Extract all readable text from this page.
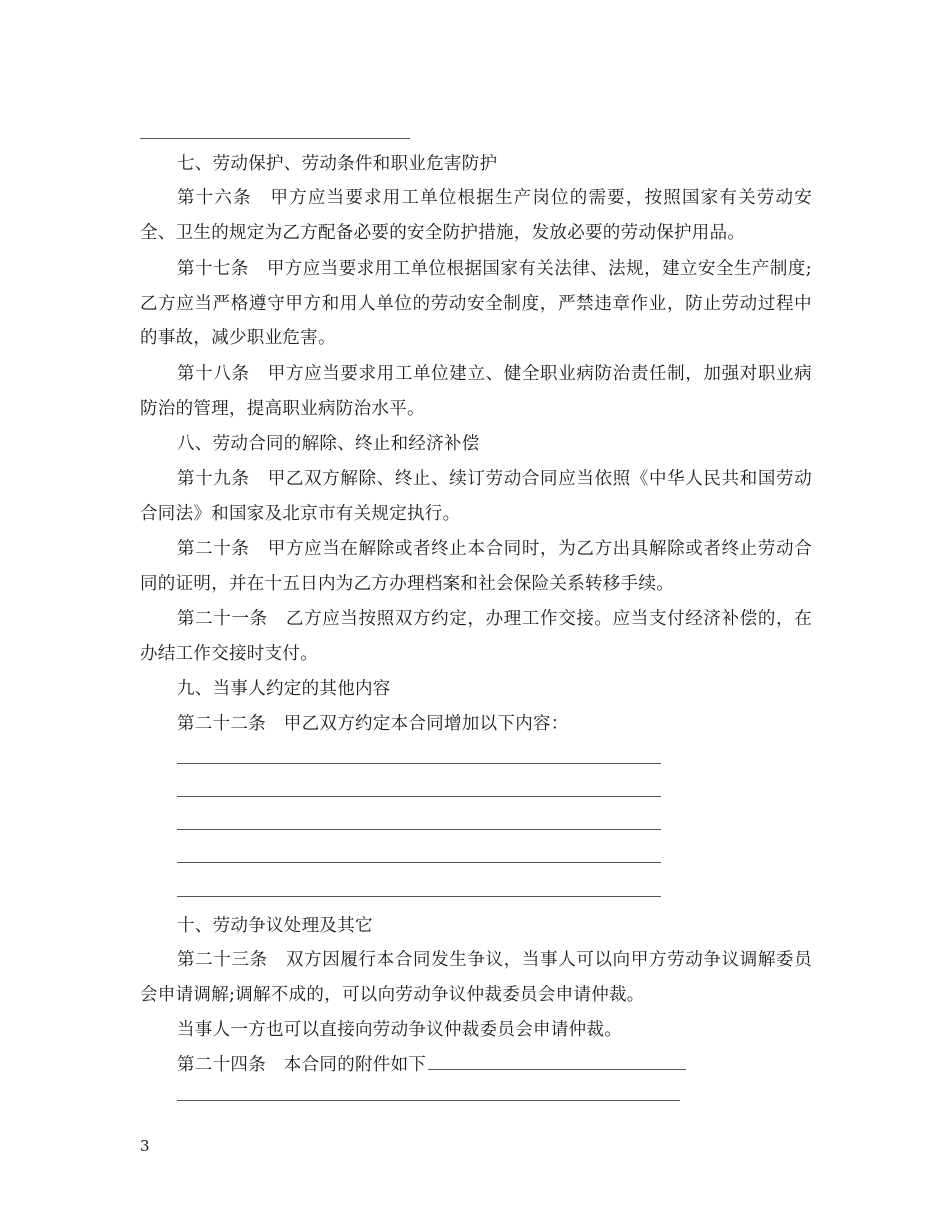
七、劳动保护、劳动条件和职业危害防护

第十六条　甲方应当要求用工单位根据生产岗位的需要，按照国家有关劳动安全、卫生的规定为乙方配备必要的安全防护措施，发放必要的劳动保护用品。

第十七条　甲方应当要求用工单位根据国家有关法律、法规，建立安全生产制度;乙方应当严格遵守甲方和用人单位的劳动安全制度，严禁违章作业，防止劳动过程中的事故，减少职业危害。

第十八条　甲方应当要求用工单位建立、健全职业病防治责任制，加强对职业病防治的管理，提高职业病防治水平。

八、劳动合同的解除、终止和经济补偿

第十九条　甲乙双方解除、终止、续订劳动合同应当依照《中华人民共和国劳动合同法》和国家及北京市有关规定执行。

第二十条　甲方应当在解除或者终止本合同时，为乙方出具解除或者终止劳动合同的证明，并在十五日内为乙方办理档案和社会保险关系转移手续。

第二十一条　乙方应当按照双方约定，办理工作交接。应当支付经济补偿的，在办结工作交接时支付。

九、当事人约定的其他内容
第二十二条　甲乙双方约定本合同增加以下内容：
十、劳动争议处理及其它

第二十三条　双方因履行本合同发生争议，当事人可以向甲方劳动争议调解委员会申请调解;调解不成的，可以向劳动争议仲裁委员会申请仲裁。

当事人一方也可以直接向劳动争议仲裁委员会申请仲裁。
第二十四条　本合同的附件如下
3
